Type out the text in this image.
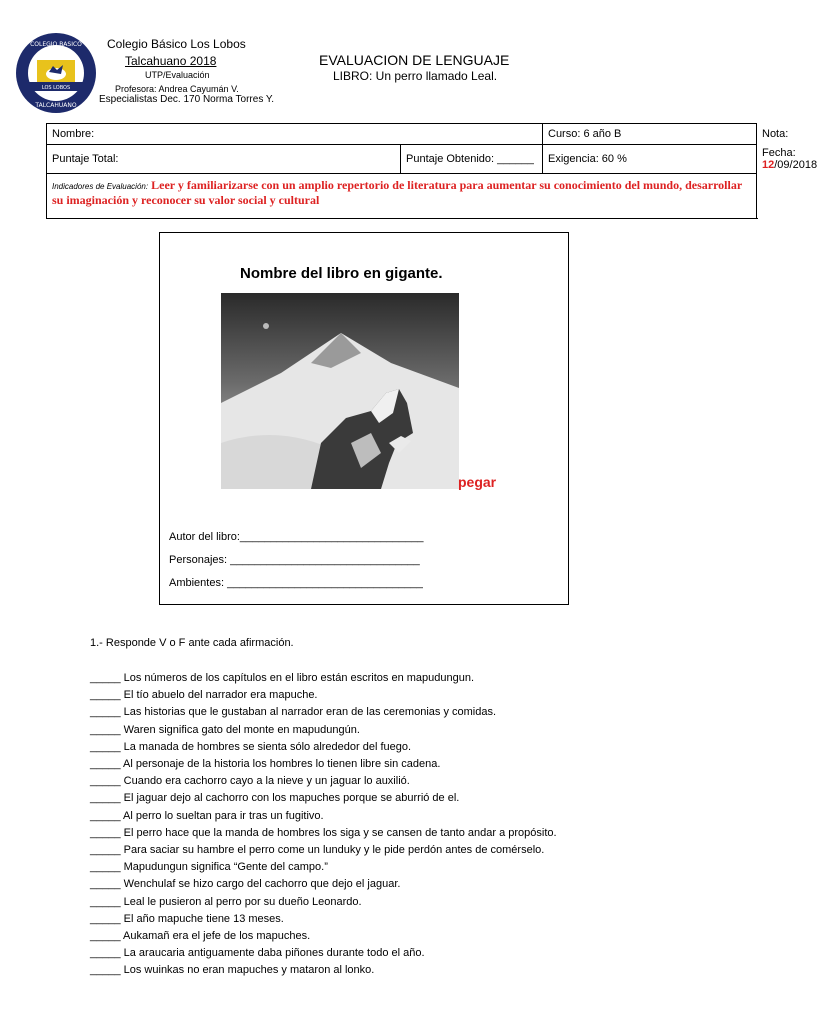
COLEGIO BASICO
LOS LOBOS
TALCAHUANO
Colegio Básico Los Lobos
Talcahuano 2018
UTP/Evaluación
Profesora: Andrea Cayumán V.
Especialistas Dec. 170 Norma Torres Y.
EVALUACION DE LENGUAJE
LIBRO: Un perro llamado Leal.
Nombre:		Curso: 6 año B	Nota:
Puntaje Total:	Puntaje Obtenido: ______	Exigencia: 60 %	Fecha: 12/09/2018
Indicadores de Evaluación: Leer y familiarizarse con un amplio repertorio de literatura para aumentar su conocimiento del mundo, desarrollar su imaginación y reconocer su valor social y cultural			
Nombre del libro en gigante.
pegar
Autor del libro:______________________________
Personajes: _______________________________
Ambientes: ________________________________
1.- Responde V o F ante cada afirmación.
_____ Los números de los capítulos en el libro están escritos en mapudungun.
_____ El tío abuelo del narrador era mapuche.
_____ Las historias que le gustaban al narrador eran de las ceremonias y comidas.
_____ Waren significa gato del monte en mapudungún.
_____ La manada de hombres se sienta sólo alrededor del fuego.
_____ Al personaje de la historia los hombres lo tienen libre sin cadena.
_____ Cuando era cachorro cayo a la nieve y un jaguar lo auxilió.
_____ El jaguar dejo al cachorro con los mapuches porque se aburrió de el.
_____ Al perro lo sueltan para ir tras un fugitivo.
_____ El perro hace que la manda de hombres los siga y se cansen de tanto andar a propósito.
_____ Para saciar su hambre el perro come un lunduky y le pide perdón antes de comérselo.
_____ Mapudungun significa “Gente del campo.”
_____ Wenchulaf se hizo cargo del cachorro que dejo el jaguar.
_____ Leal le pusieron al perro por su dueño Leonardo.
_____ El año mapuche tiene 13 meses.
_____ Aukamañ era el jefe de los mapuches.
_____ La araucaria antiguamente daba piñones durante todo el año.
_____ Los wuinkas no eran mapuches y mataron al lonko.
